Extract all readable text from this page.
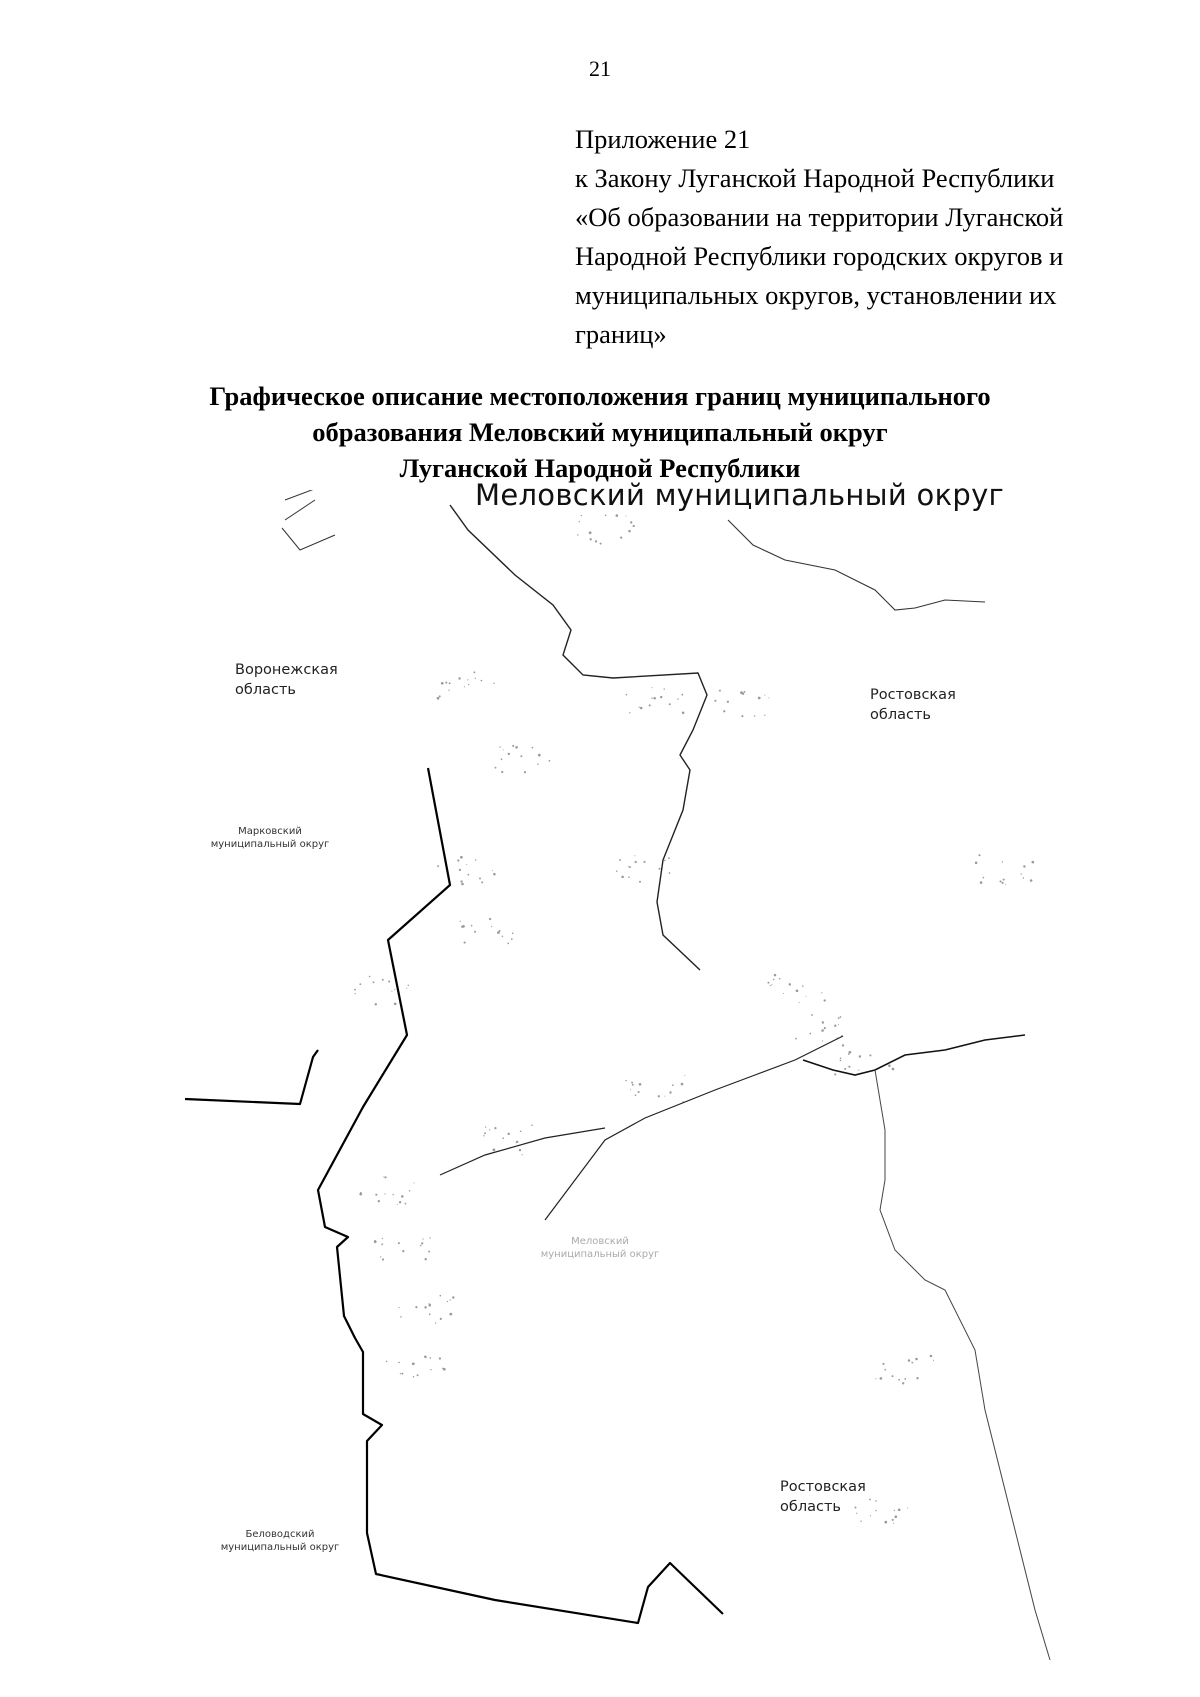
21
Приложение 21
к Закону Луганской Народной Республики
«Об образовании на территории Луганской
Народной Республики городских округов и
муниципальных округов, установлении их
границ»
Графическое описание местоположения границ муниципального
образования Меловский муниципальный округ
Луганской Народной Республики
Меловский муниципальный округ
Воронежская
область	Ростовская
область
Марковский
муниципальный округ
Меловский
муниципальный округ
Ростовская
область
Беловодский
муниципальный округ
